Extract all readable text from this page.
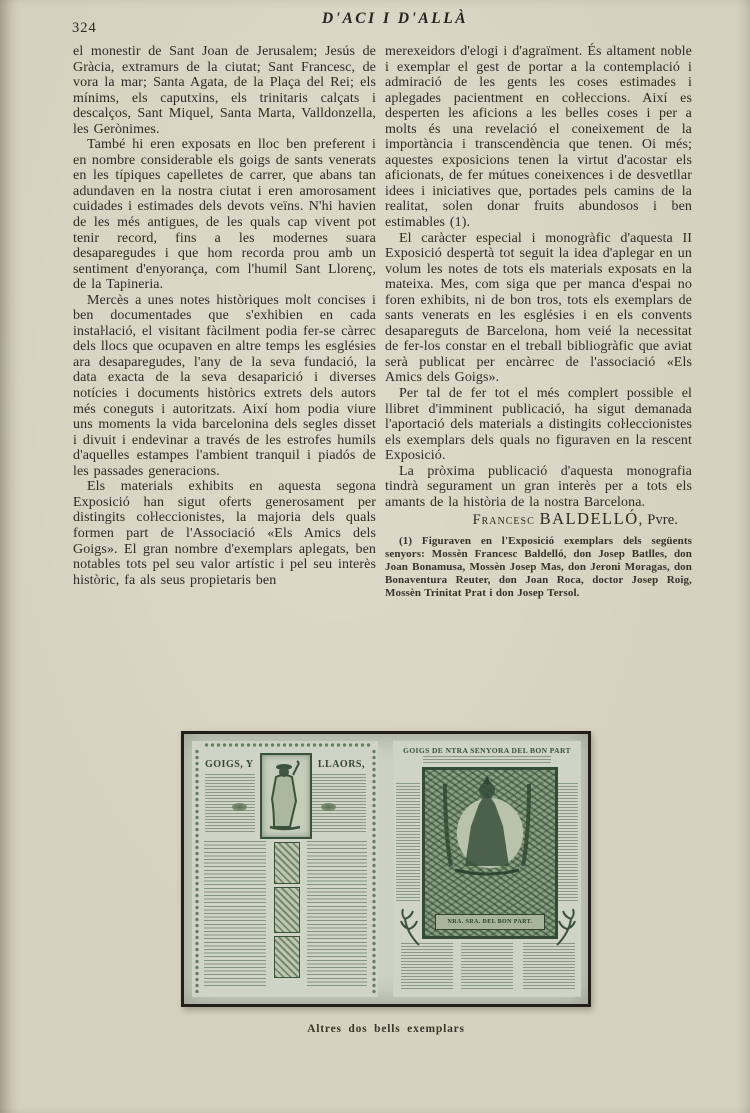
324
D'ACI I D'ALLÀ

el monestir de Sant Joan de Jerusalem; Jesús de Gràcia, extramurs de la ciutat; Sant Francesc, de vora la mar; Santa Agata, de la Plaça del Rei; els mínims, els caputxins, els trinitaris calçats i descalços, Sant Miquel, Santa Marta, Valldonzella, les Gerònimes.

També hi eren exposats en lloc ben preferent i en nombre considerable els goigs de sants venerats en les típiques capelletes de carrer, que abans tan adundaven en la nostra ciutat i eren amorosament cuidades i estimades dels devots veïns. N'hi havien de les més antigues, de les quals cap vivent pot tenir record, fins a les modernes suara desaparegudes i que hom recorda prou amb un sentiment d'enyorança, com l'humil Sant Llorenç, de la Tapineria.

Mercès a unes notes històriques molt concises i ben documentades que s'exhibien en cada instaŀlació, el visitant fàcilment podia fer-se càrrec dels llocs que ocupaven en altre temps les esglésies ara desaparegudes, l'any de la seva fundació, la data exacta de la seva desaparició i diverses notícies i documents històrics extrets dels autors més coneguts i autoritzats. Així hom podia viure uns moments la vida barcelonina dels segles disset i divuit i endevinar a través de les estrofes humils d'aquelles estampes l'ambient tranquil i piadós de les passades generacions.

Els materials exhibits en aquesta segona Exposició han sigut oferts generosament per distingits coŀleccionistes, la majoria dels quals formen part de l'Associació «Els Amics dels Goigs». El gran nombre d'exemplars aplegats, ben notables tots pel seu valor artístic i pel seu interès històric, fa als seus propietaris ben

merexeidors d'elogi i d'agraïment. És altament noble i exemplar el gest de portar a la contemplació i admiració de les gents les coses estimades i aplegades pacientment en coŀleccions. Així es desperten les aficions a les belles coses i per a molts és una revelació el coneixement de la importància i transcendència que tenen. Oi més; aquestes exposicions tenen la virtut d'acostar els aficionats, de fer mútues coneixences i de desvetllar idees i iniciatives que, portades pels camins de la realitat, solen donar fruits abundosos i ben estimables (1).

El caràcter especial i monogràfic d'aquesta II Exposició despertà tot seguit la idea d'aplegar en un volum les notes de tots els materials exposats en la mateixa. Mes, com siga que per manca d'espai no foren exhibits, ni de bon tros, tots els exemplars de sants venerats en les esglésies i en els convents desapareguts de Barcelona, hom veié la necessitat de fer-los constar en el treball bibliogràfic que aviat serà publicat per encàrrec de l'associació «Els Amics dels Goigs».

Per tal de fer tot el més complert possible el llibret d'imminent publicació, ha sigut demanada l'aportació dels materials a distingits coŀleccionistes els exemplars dels quals no figuraven en la rescent Exposició.

La pròxima publicació d'aquesta monografia tindrà segurament un gran interès per a tots els amants de la història de la nostra Barcelona.

Francesc BALDELLÓ, Pvre.
(1) Figuraven en l'Exposició exemplars dels següents senyors: Mossèn Francesc Baldelló, don Josep Batlles, don Joan Bonamusa, Mossèn Josep Mas, don Jeroni Moragas, don Bonaventura Reuter, don Joan Roca, doctor Josep Roig, Mossèn Trinitat Prat i don Josep Tersol.
GOIGS, Y	LLAORS,
GOIGS DE NTRA SENYORA DEL BON PART
NRA. SRA. DEL BON PART.
Altres dos bells exemplars
